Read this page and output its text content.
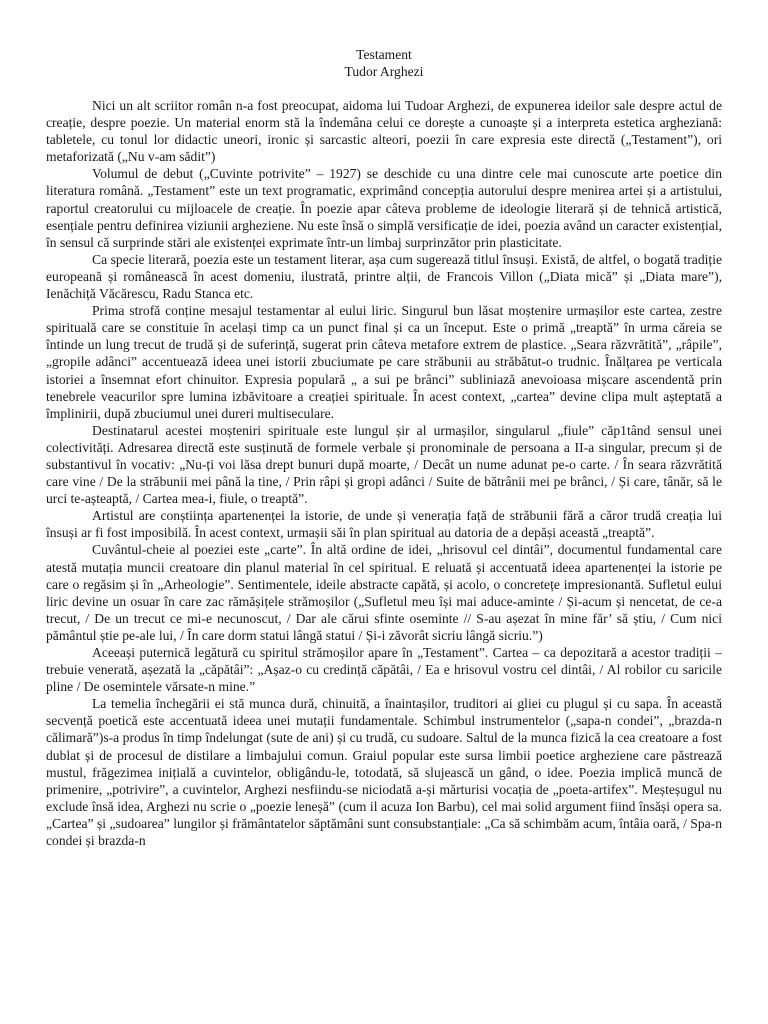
Testament
Tudor Arghezi

Nici un alt scriitor român n-a fost preocupat, aidoma lui Tudoar Arghezi, de expunerea ideilor sale despre actul de creație, despre poezie. Un material enorm stă la îndemâna celui ce dorește a cunoaște și a interpreta estetica argheziană: tabletele, cu tonul lor didactic uneori, ironic și sarcastic alteori, poezii în care expresia este directă („Testament”), ori metaforizată („Nu v-am sădit”)

Volumul de debut („Cuvinte potrivite” – 1927) se deschide cu una dintre cele mai cunoscute arte poetice din literatura română. „Testament” este un text programatic, exprimând concepția autorului despre menirea artei și a artistului, raportul creatorului cu mijloacele de creație. În poezie apar câteva probleme de ideologie literară și de tehnică artistică, esențiale pentru definirea viziunii argheziene. Nu este însă o simplă versificație de idei, poezia având un caracter existențial, în sensul că surprinde stări ale existenței exprimate într-un limbaj surprinzător prin plasticitate.

Ca specie literară, poezia este un testament literar, așa cum sugerează titlul însuși. Există, de altfel, o bogată tradiție europeană și românească în acest domeniu, ilustrată, printre alții, de Francois Villon („Diata mică” și „Diata mare”), Ienăchiță Văcărescu, Radu Stanca etc.

Prima strofă conține mesajul testamentar al eului liric. Singurul bun lăsat moștenire urmașilor este cartea, zestre spirituală care se constituie în același timp ca un punct final și ca un început. Este o primă „treaptă” în urma căreia se întinde un lung trecut de trudă și de suferință, sugerat prin câteva metafore extrem de plastice. „Seara răzvrătită”, „râpile”, „gropile adânci” accentuează ideea unei istorii zbuciumate pe care străbunii au străbătut-o trudnic. Înălțarea pe verticala istoriei a însemnat efort chinuitor. Expresia populară „ a sui pe brânci” subliniază anevoioasa mișcare ascendentă prin tenebrele veacurilor spre lumina izbăvitoare a creației spirituale. În acest context, „cartea” devine clipa mult așteptată a împlinirii, după zbuciumul unei dureri multiseculare.

Destinatarul acestei moșteniri spirituale este lungul șir al urmașilor, singularul „fiule” căp1tând sensul unei colectivități. Adresarea directă este susținută de formele verbale și pronominale de persoana a II-a singular, precum și de substantivul în vocativ: „Nu-ți voi lăsa drept bunuri după moarte, / Decât un nume adunat pe-o carte. / În seara răzvrătită care vine / De la străbunii mei până la tine, / Prin râpi și gropi adânci / Suite de bătrânii mei pe brânci, / Și care, tânăr, să le urci te-așteaptă, / Cartea mea-i, fiule, o treaptă”.

Artistul are conștiința apartenenței la istorie, de unde și venerația față de străbunii fără a căror trudă creația lui însuși ar fi fost imposibilă. În acest context, urmașii săi în plan spiritual au datoria de a depăși această „treaptă”.

Cuvântul-cheie al poeziei este „carte”. În altă ordine de idei, „hrisovul cel dintâi”, documentul fundamental care atestă mutația muncii creatoare din planul material în cel spiritual. E reluată și accentuată ideea apartenenței la istorie pe care o regăsim și în „Arheologie”. Sentimentele, ideile abstracte capătă, și acolo, o concretețe impresionantă. Sufletul eului liric devine un osuar în care zac rămășițele strămoșilor („Sufletul meu își mai aduce-aminte / Și-acum și nencetat, de ce-a trecut, / De un trecut ce mi-e necunoscut, / Dar ale cărui sfinte oseminte // S-au așezat în mine făr’ să știu, / Cum nici pământul știe pe-ale lui, / În care dorm statui lângă statui / Și-i zăvorât sicriu lângă sicriu.”)

Aceeași puternică legătură cu spiritul strămoșilor apare în „Testament”. Cartea – ca depozitară a acestor tradiții – trebuie venerată, așezată la „căpătâi”: „Așaz-o cu credință căpătâi, / Ea e hrisovul vostru cel dintâi, / Al robilor cu saricile pline / De osemintele vărsate-n mine.”

La temelia închegării ei stă munca dură, chinuită, a înaintașilor, truditori ai gliei cu plugul și cu sapa. În această secvență poetică este accentuată ideea unei mutații fundamentale. Schimbul instrumentelor („sapa-n condei”, „brazda-n călimară”)s-a produs în timp îndelungat (sute de ani) și cu trudă, cu sudoare. Saltul de la munca fizică la cea creatoare a fost dublat și de procesul de distilare a limbajului comun. Graiul popular este sursa limbii poetice argheziene care păstrează mustul, frăgezimea inițială a cuvintelor, obligându-le, totodată, să slujească un gând, o idee. Poezia implică muncă de primenire, „potrivire”, a cuvintelor, Arghezi nesfiindu-se niciodată a-și mărturisi vocația de „poeta-artifex”. Meșteșugul nu exclude însă idea, Arghezi nu scrie o „poezie leneșă” (cum il acuza Ion Barbu), cel mai solid argument fiind însăși opera sa. „Cartea” și „sudoarea” lungilor și frământatelor săptămâni sunt consubstanțiale: „Ca să schimbăm acum, întâia oară, / Spa-n condei și brazda-n
